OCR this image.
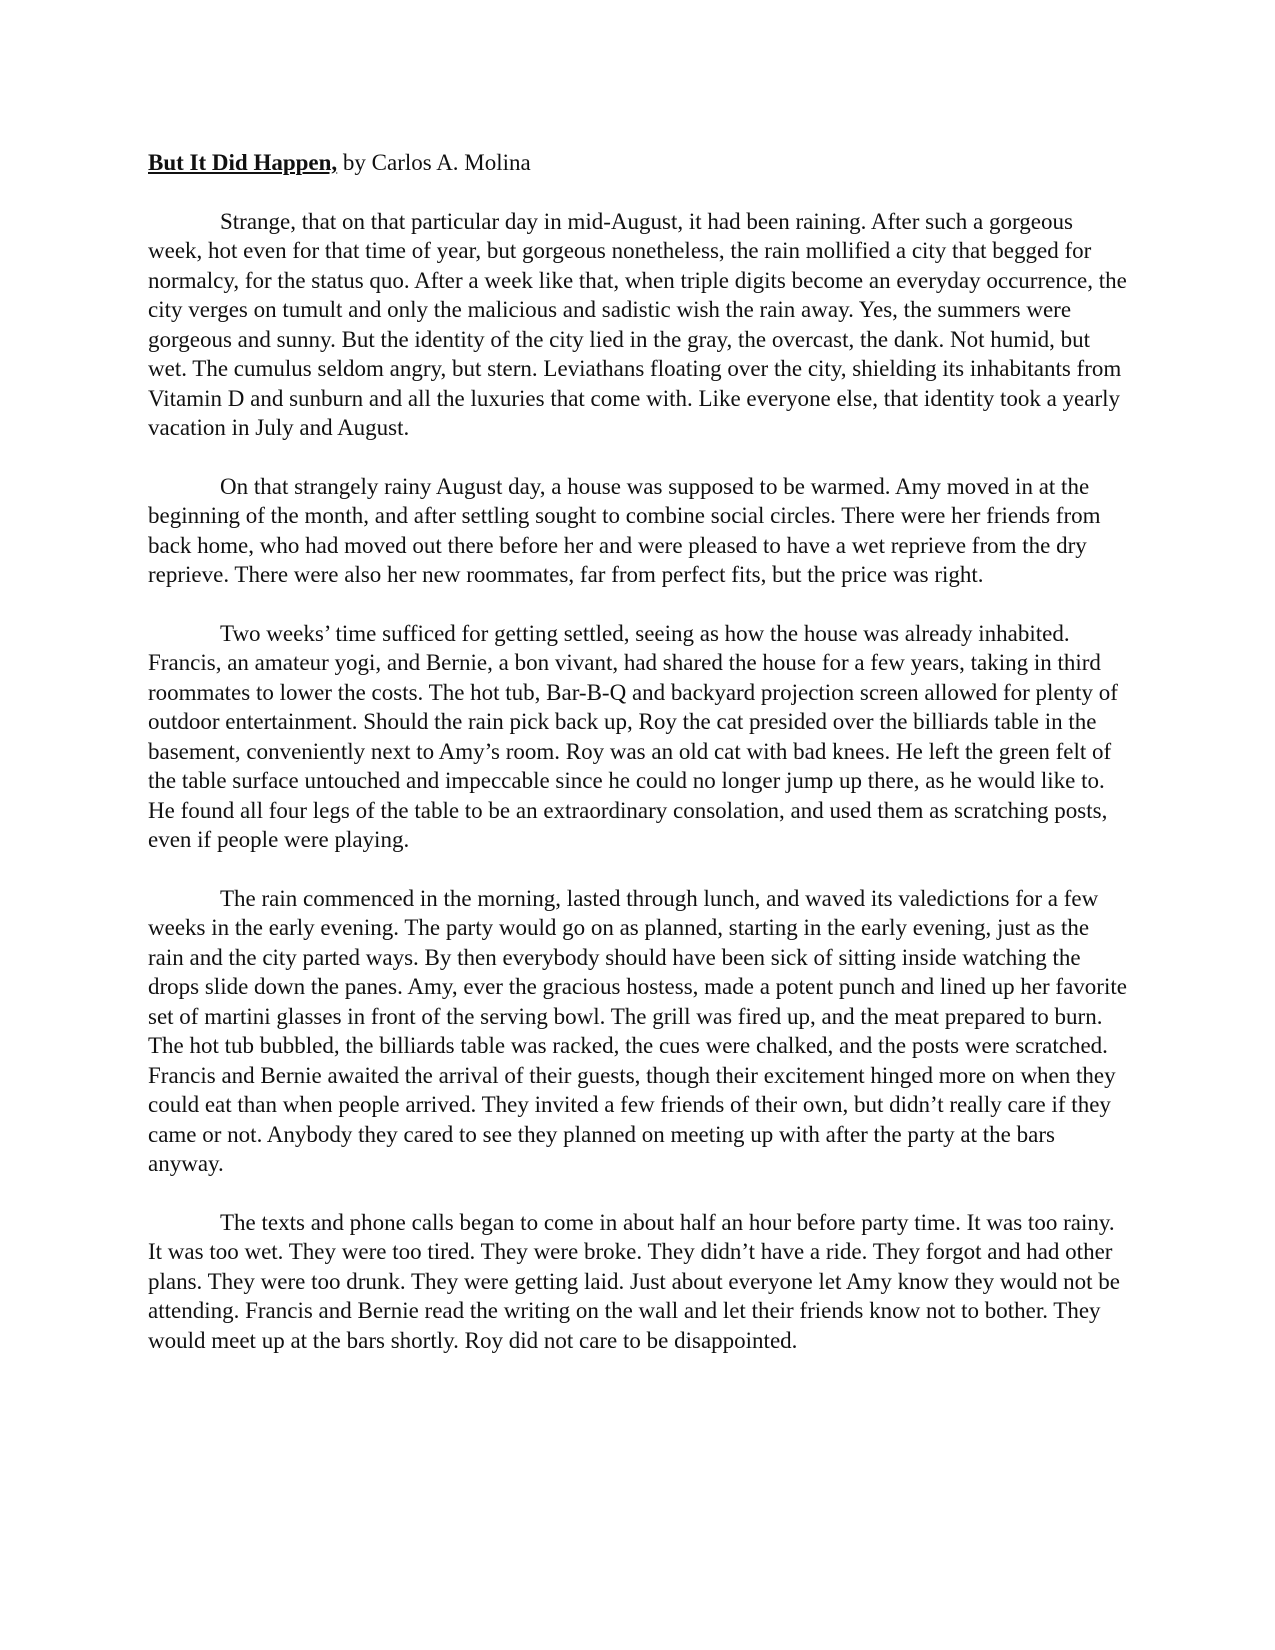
But It Did Happen, by Carlos A. Molina

Strange, that on that particular day in mid-August, it had been raining. After such a gorgeous week, hot even for that time of year, but gorgeous nonetheless, the rain mollified a city that begged for normalcy, for the status quo. After a week like that, when triple digits become an everyday occurrence, the city verges on tumult and only the malicious and sadistic wish the rain away. Yes, the summers were gorgeous and sunny. But the identity of the city lied in the gray, the overcast, the dank. Not humid, but wet. The cumulus seldom angry, but stern. Leviathans floating over the city, shielding its inhabitants from Vitamin D and sunburn and all the luxuries that come with. Like everyone else, that identity took a yearly vacation in July and August.

On that strangely rainy August day, a house was supposed to be warmed. Amy moved in at the beginning of the month, and after settling sought to combine social circles. There were her friends from back home, who had moved out there before her and were pleased to have a wet reprieve from the dry reprieve. There were also her new roommates, far from perfect fits, but the price was right.

Two weeks’ time sufficed for getting settled, seeing as how the house was already inhabited. Francis, an amateur yogi, and Bernie, a bon vivant, had shared the house for a few years, taking in third roommates to lower the costs. The hot tub, Bar-B-Q and backyard projection screen allowed for plenty of outdoor entertainment. Should the rain pick back up, Roy the cat presided over the billiards table in the basement, conveniently next to Amy’s room. Roy was an old cat with bad knees. He left the green felt of the table surface untouched and impeccable since he could no longer jump up there, as he would like to. He found all four legs of the table to be an extraordinary consolation, and used them as scratching posts, even if people were playing.

The rain commenced in the morning, lasted through lunch, and waved its valedictions for a few weeks in the early evening. The party would go on as planned, starting in the early evening, just as the rain and the city parted ways. By then everybody should have been sick of sitting inside watching the drops slide down the panes. Amy, ever the gracious hostess, made a potent punch and lined up her favorite set of martini glasses in front of the serving bowl. The grill was fired up, and the meat prepared to burn. The hot tub bubbled, the billiards table was racked, the cues were chalked, and the posts were scratched. Francis and Bernie awaited the arrival of their guests, though their excitement hinged more on when they could eat than when people arrived. They invited a few friends of their own, but didn’t really care if they came or not. Anybody they cared to see they planned on meeting up with after the party at the bars anyway.

The texts and phone calls began to come in about half an hour before party time. It was too rainy. It was too wet. They were too tired. They were broke. They didn’t have a ride. They forgot and had other plans. They were too drunk. They were getting laid. Just about everyone let Amy know they would not be attending. Francis and Bernie read the writing on the wall and let their friends know not to bother. They would meet up at the bars shortly. Roy did not care to be disappointed.
